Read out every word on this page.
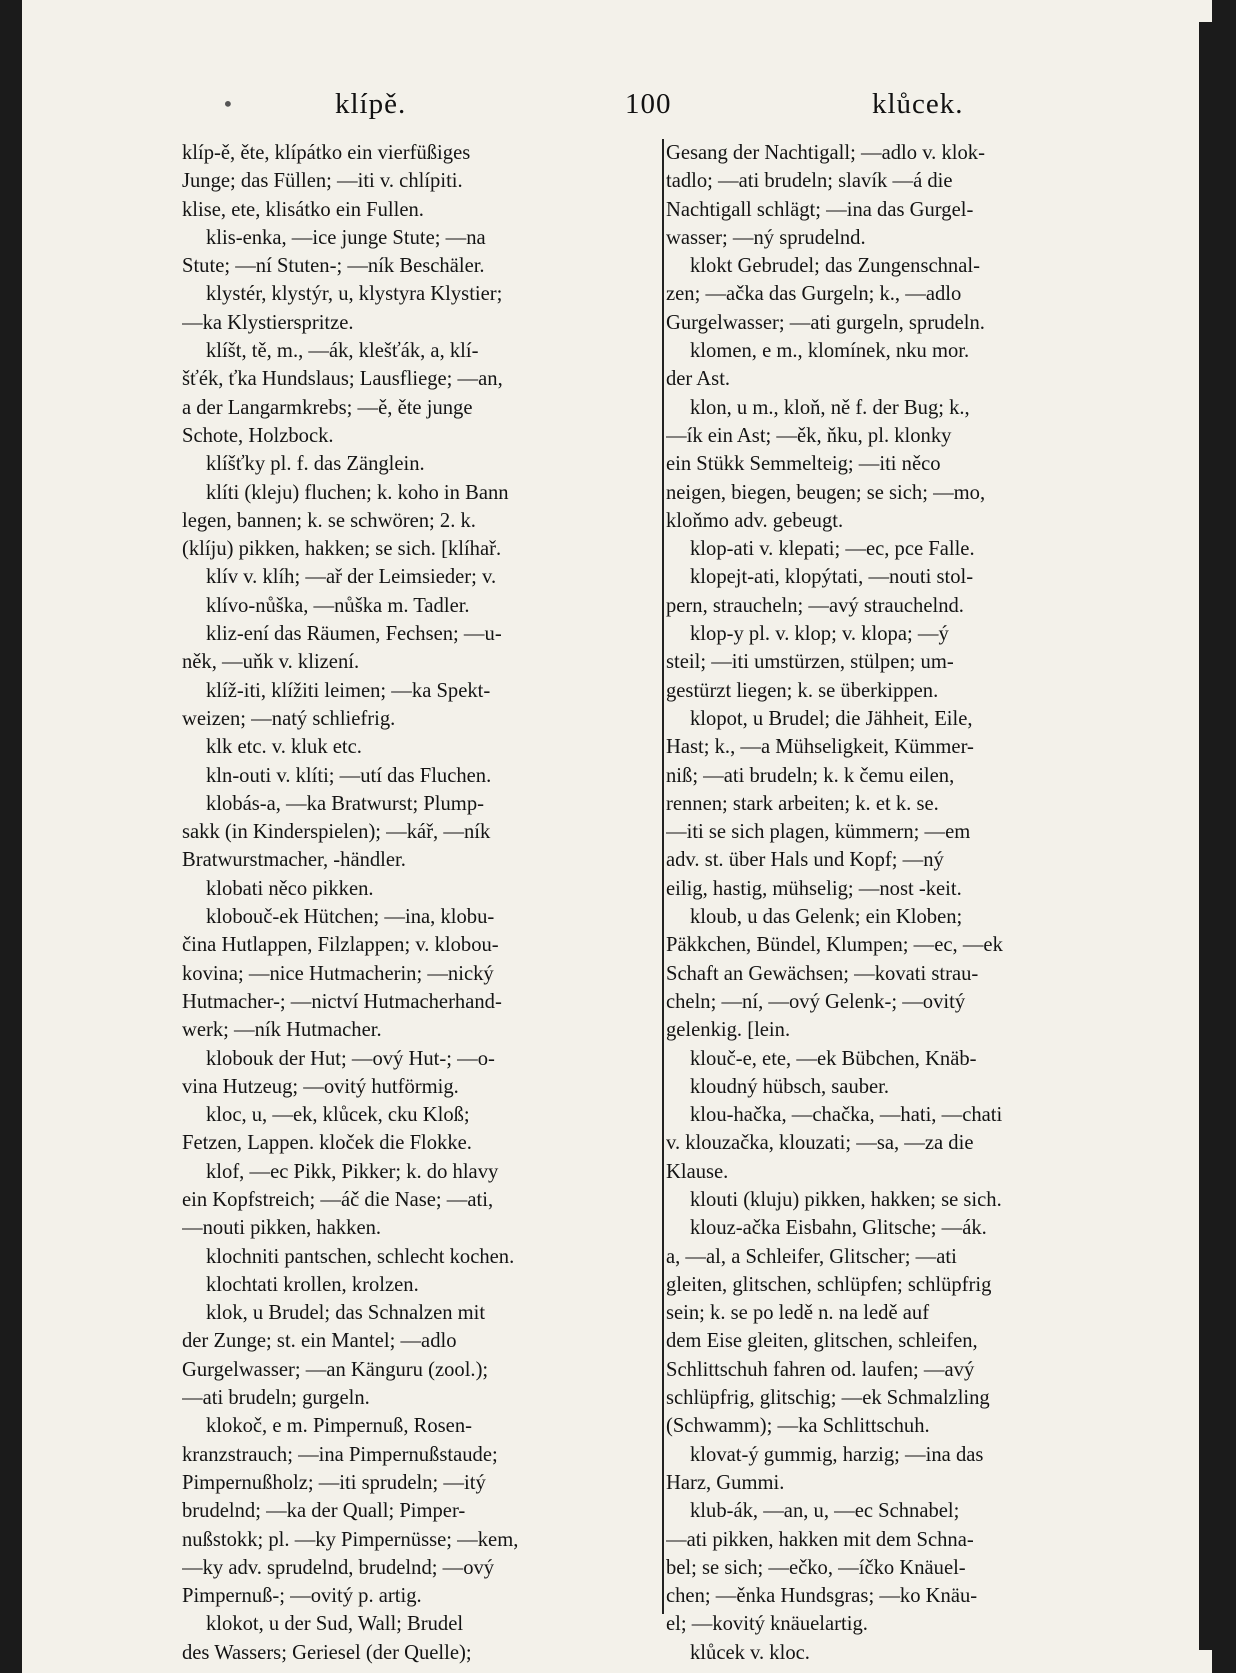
•	klípě.	100	klůcek.
klíp-ě, ěte, klípátko ein vierfüßiges
Junge; das Füllen; —iti v. chlípiti.
klise, ete, klisátko ein Fullen.
klis-enka, —ice junge Stute; —na
Stute; —ní Stuten-; —ník Beschäler.
klystér, klystýr, u, klystyra Klystier;
—ka Klystierspritze.
klíšt, tě, m., —ák, klešťák, a, klí-
šťék, ťka Hundslaus; Lausfliege; —an,
a der Langarmkrebs; —ě, ěte junge
Schote, Holzbock.
klíšťky pl. f. das Zänglein.
klíti (kleju) fluchen; k. koho in Bann
legen, bannen; k. se schwören; 2. k.
(klíju) pikken, hakken; se sich. [klíhař.
klív v. klíh; —ař der Leimsieder; v.
klívo-nůška, —nůška m. Tadler.
kliz-ení das Räumen, Fechsen; —u-
něk, —uňk v. klizení.
klíž-iti, klížiti leimen; —ka Spekt-
weizen; —natý schliefrig.
klk etc. v. kluk etc.
kln-outi v. klíti; —utí das Fluchen.
klobás-a, —ka Bratwurst; Plump-
sakk (in Kinderspielen); —kář, —ník
Bratwurstmacher, -händler.
klobati něco pikken.
klobouč-ek Hütchen; —ina, klobu-
čina Hutlappen, Filzlappen; v. klobou-
kovina; —nice Hutmacherin; —nický
Hutmacher-; —nictví Hutmacherhand-
werk; —ník Hutmacher.
klobouk der Hut; —ový Hut-; —o-
vina Hutzeug; —ovitý hutförmig.
kloc, u, —ek, klůcek, cku Kloß;
Fetzen, Lappen. kloček die Flokke.
klof, —ec Pikk, Pikker; k. do hlavy
ein Kopfstreich; —áč die Nase; —ati,
—nouti pikken, hakken.
klochniti pantschen, schlecht kochen.
klochtati krollen, krolzen.
klok, u Brudel; das Schnalzen mit
der Zunge; st. ein Mantel; —adlo
Gurgelwasser; —an Känguru (zool.);
—ati brudeln; gurgeln.
klokoč, e m. Pimpernuß, Rosen-
kranzstrauch; —ina Pimpernußstaude;
Pimpernußholz; —iti sprudeln; —itý
brudelnd; —ka der Quall; Pimper-
nußstokk; pl. —ky Pimpernüsse; —kem,
—ky adv. sprudelnd, brudelnd; —ový
Pimpernuß-; —ovitý p. artig.
klokot, u der Sud, Wall; Brudel
des Wassers; Geriesel (der Quelle);
Gesang der Nachtigall; —adlo v. klok-
tadlo; —ati brudeln; slavík —á die
Nachtigall schlägt; —ina das Gurgel-
wasser; —ný sprudelnd.
klokt Gebrudel; das Zungenschnal-
zen; —ačka das Gurgeln; k., —adlo
Gurgelwasser; —ati gurgeln, sprudeln.
klomen, e m., klomínek, nku mor.
der Ast.
klon, u m., kloň, ně f. der Bug; k.,
—ík ein Ast; —ěk, ňku, pl. klonky
ein Stükk Semmelteig; —iti něco
neigen, biegen, beugen; se sich; —mo,
kloňmo adv. gebeugt.
klop-ati v. klepati; —ec, pce Falle.
klopejt-ati, klopýtati, —nouti stol-
pern, straucheln; —avý strauchelnd.
klop-y pl. v. klop; v. klopa; —ý
steil; —iti umstürzen, stülpen; um-
gestürzt liegen; k. se überkippen.
klopot, u Brudel; die Jähheit, Eile,
Hast; k., —a Mühseligkeit, Kümmer-
niß; —ati brudeln; k. k čemu eilen,
rennen; stark arbeiten; k. et k. se.
—iti se sich plagen, kümmern; —em
adv. st. über Hals und Kopf; —ný
eilig, hastig, mühselig; —nost -keit.
kloub, u das Gelenk; ein Kloben;
Päkkchen, Bündel, Klumpen; —ec, —ek
Schaft an Gewächsen; —kovati strau-
cheln; —ní, —ový Gelenk-; —ovitý
gelenkig. [lein.
klouč-e, ete, —ek Bübchen, Knäb-
kloudný hübsch, sauber.
klou-hačka, —chačka, —hati, —chati
v. klouzačka, klouzati; —sa, —za die
Klause.
klouti (kluju) pikken, hakken; se sich.
klouz-ačka Eisbahn, Glitsche; —ák.
a, —al, a Schleifer, Glitscher; —ati
gleiten, glitschen, schlüpfen; schlüpfrig
sein; k. se po ledě n. na ledě auf
dem Eise gleiten, glitschen, schleifen,
Schlittschuh fahren od. laufen; —avý
schlüpfrig, glitschig; —ek Schmalzling
(Schwamm); —ka Schlittschuh.
klovat-ý gummig, harzig; —ina das
Harz, Gummi.
klub-ák, —an, u, —ec Schnabel;
—ati pikken, hakken mit dem Schna-
bel; se sich; —ečko, —íčko Knäuel-
chen; —ěnka Hundsgras; —ko Knäu-
el; —kovitý knäuelartig.
klůcek v. kloc.
